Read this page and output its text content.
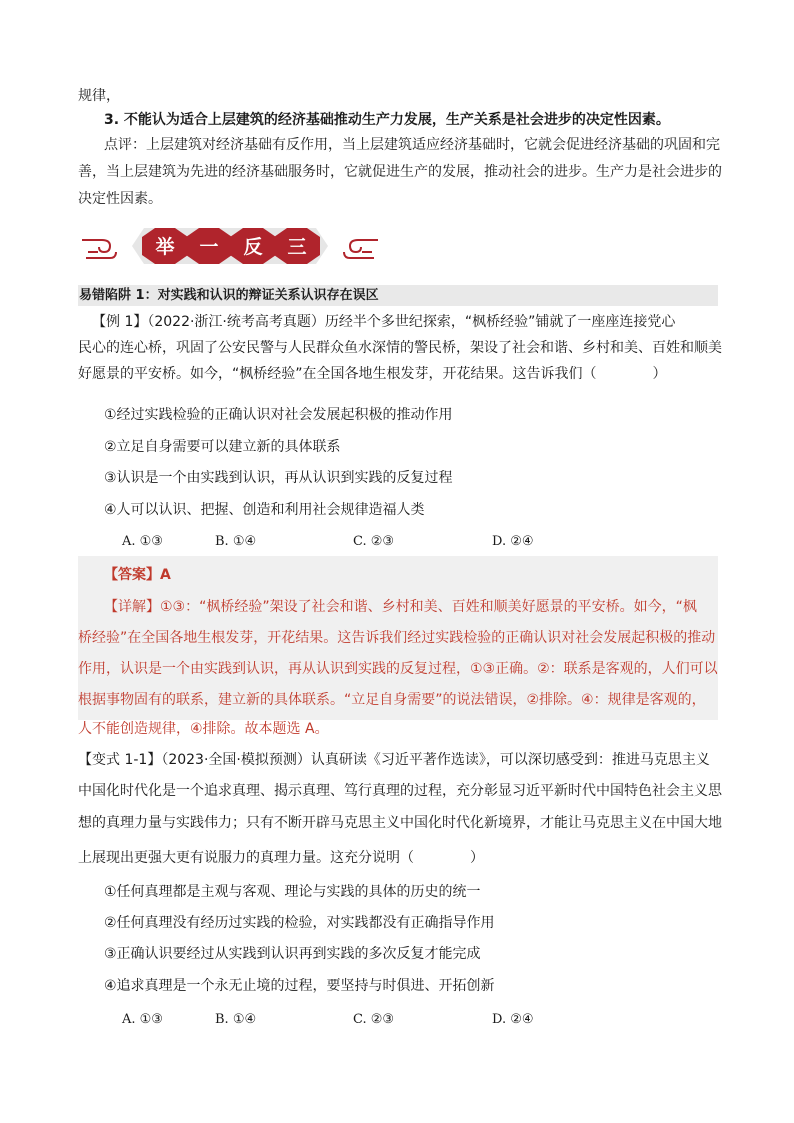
规律，
3. 不能认为适合上层建筑的经济基础推动生产力发展，生产关系是社会进步的决定性因素。
点评：上层建筑对经济基础有反作用，当上层建筑适应经济基础时，它就会促进经济基础的巩固和完
善，当上层建筑为先进的经济基础服务时，它就促进生产的发展，推动社会的进步。生产力是社会进步的
决定性因素。
举 一 反 三
易错陷阱 1：对实践和认识的辩证关系认识存在误区
【例 1】（2022·浙江·统考高考真题）历经半个多世纪探索，“枫桥经验”铺就了一座座连接党心
民心的连心桥，巩固了公安民警与人民群众鱼水深情的警民桥，架设了社会和谐、乡村和美、百姓和顺美
好愿景的平安桥。如今，“枫桥经验”在全国各地生根发芽，开花结果。这告诉我们（　　　　）
①经过实践检验的正确认识对社会发展起积极的推动作用
②立足自身需要可以建立新的具体联系
③认识是一个由实践到认识，再从认识到实践的反复过程
④人可以认识、把握、创造和利用社会规律造福人类
A. ①③	B. ①④	C. ②③	D. ②④
【答案】A
【详解】①③：“枫桥经验”架设了社会和谐、乡村和美、百姓和顺美好愿景的平安桥。如今，“枫
桥经验”在全国各地生根发芽，开花结果。这告诉我们经过实践检验的正确认识对社会发展起积极的推动
作用，认识是一个由实践到认识，再从认识到实践的反复过程，①③正确。②：联系是客观的，人们可以
根据事物固有的联系，建立新的具体联系。“立足自身需要”的说法错误，②排除。④：规律是客观的，
人不能创造规律，④排除。故本题选 A。
【变式 1-1】（2023·全国·模拟预测）认真研读《习近平著作选读》，可以深切感受到：推进马克思主义
中国化时代化是一个追求真理、揭示真理、笃行真理的过程，充分彰显习近平新时代中国特色社会主义思
想的真理力量与实践伟力；只有不断开辟马克思主义中国化时代化新境界，才能让马克思主义在中国大地
上展现出更强大更有说服力的真理力量。这充分说明（　　　　）
①任何真理都是主观与客观、理论与实践的具体的历史的统一
②任何真理没有经历过实践的检验，对实践都没有正确指导作用
③正确认识要经过从实践到认识再到实践的多次反复才能完成
④追求真理是一个永无止境的过程，要坚持与时俱进、开拓创新
A. ①③	B. ①④	C. ②③	D. ②④
